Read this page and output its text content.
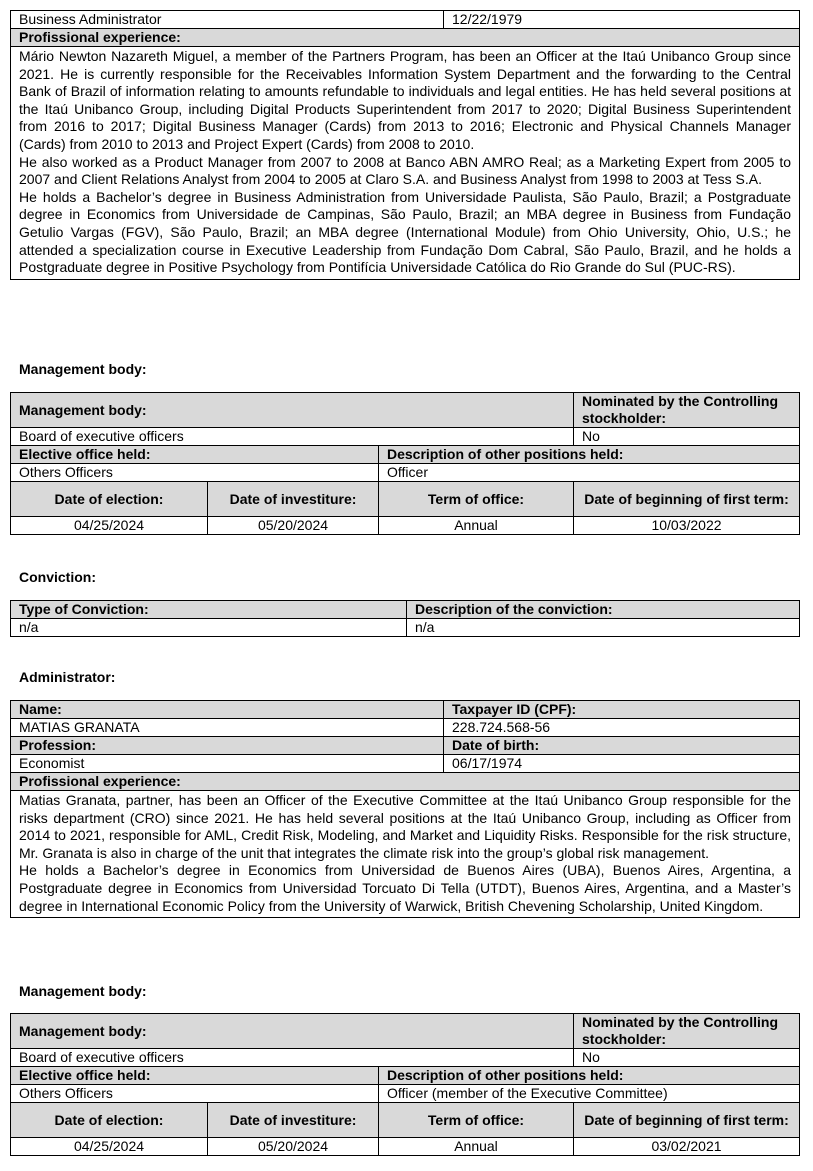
Business Administrator	12/22/1979
Profissional experience:

Mário Newton Nazareth Miguel, a member of the Partners Program, has been an Officer at the Itaú Unibanco Group since 2021. He is currently responsible for the Receivables Information System Department and the forwarding to the Central Bank of Brazil of information relating to amounts refundable to individuals and legal entities. He has held several positions at the Itaú Unibanco Group, including Digital Products Superintendent from 2017 to 2020; Digital Business Superintendent from 2016 to 2017; Digital Business Manager (Cards) from 2013 to 2016; Electronic and Physical Channels Manager (Cards) from 2010 to 2013 and Project Expert (Cards) from 2008 to 2010.

He also worked as a Product Manager from 2007 to 2008 at Banco ABN AMRO Real; as a Marketing Expert from 2005 to 2007 and Client Relations Analyst from 2004 to 2005 at Claro S.A. and Business Analyst from 1998 to 2003 at Tess S.A.

He holds a Bachelor’s degree in Business Administration from Universidade Paulista, São Paulo, Brazil; a Postgraduate degree in Economics from Universidade de Campinas, São Paulo, Brazil; an MBA degree in Business from Fundação Getulio Vargas (FGV), São Paulo, Brazil; an MBA degree (International Module) from Ohio University, Ohio, U.S.; he attended a specialization course in Executive Leadership from Fundação Dom Cabral, São Paulo, Brazil, and he holds a Postgraduate degree in Positive Psychology from Pontifícia Universidade Católica do Rio Grande do Sul (PUC-RS).

Management body:
Management body:			Nominated by the Controlling stockholder:
Board of executive officers			No
Elective office held:		Description of other positions held:	
Others Officers		Officer	
Date of election:	Date of investiture:	Term of office:	Date of beginning of first term:
04/25/2024	05/20/2024	Annual	10/03/2022
Conviction:
Type of Conviction:	Description of the conviction:
n/a	n/a
Administrator:
Name:	Taxpayer ID (CPF):
MATIAS GRANATA	228.724.568-56
Profession:	Date of birth:
Economist	06/17/1974
Profissional experience:	

Matias Granata, partner, has been an Officer of the Executive Committee at the Itaú Unibanco Group responsible for the risks department (CRO) since 2021. He has held several positions at the Itaú Unibanco Group, including as Officer from 2014 to 2021, responsible for AML, Credit Risk, Modeling, and Market and Liquidity Risks. Responsible for the risk structure, Mr. Granata is also in charge of the unit that integrates the climate risk into the group’s global risk management.

He holds a Bachelor’s degree in Economics from Universidad de Buenos Aires (UBA), Buenos Aires, Argentina, a Postgraduate degree in Economics from Universidad Torcuato Di Tella (UTDT), Buenos Aires, Argentina, and a Master’s degree in International Economic Policy from the University of Warwick, British Chevening Scholarship, United Kingdom.	

Management body:
Management body:			Nominated by the Controlling stockholder:
Board of executive officers			No
Elective office held:		Description of other positions held:	
Others Officers		Officer (member of the Executive Committee)	
Date of election:	Date of investiture:	Term of office:	Date of beginning of first term:
04/25/2024	05/20/2024	Annual	03/02/2021
